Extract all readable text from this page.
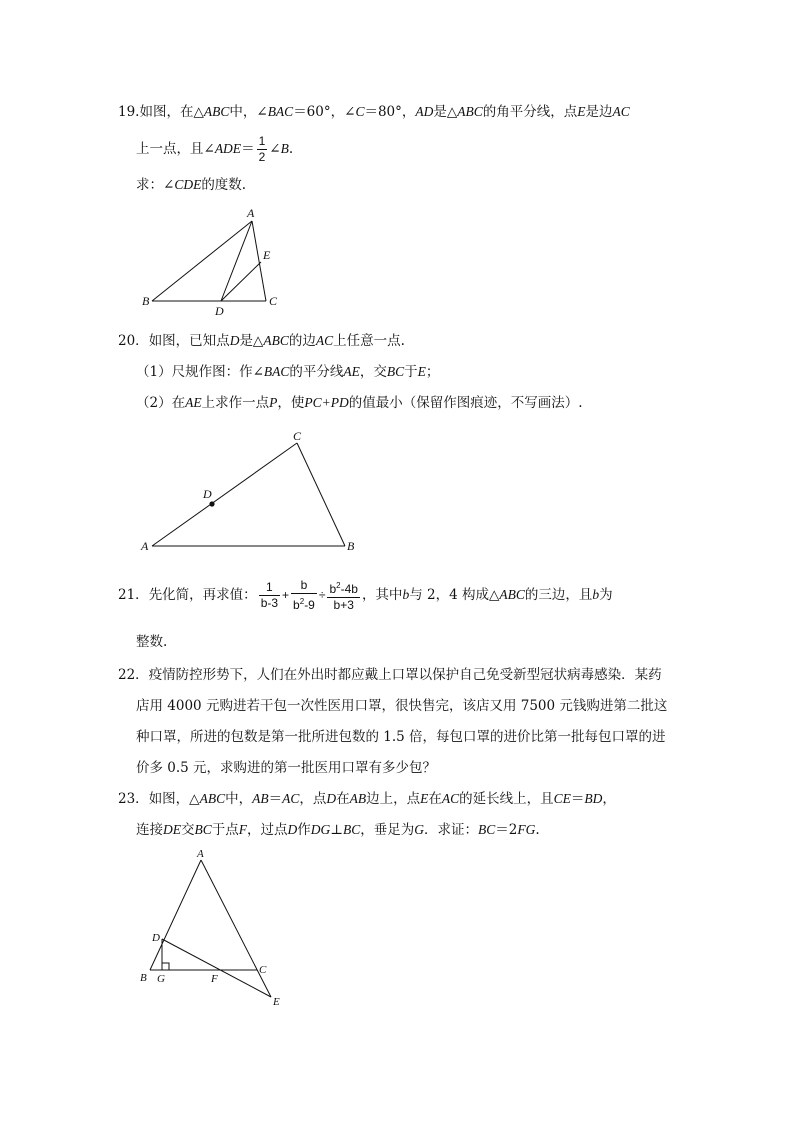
19.如图，在△ABC中，∠BAC＝60°，∠C＝80°，AD是△ABC的角平分线，点E是边AC
上一点，且∠ADE＝ $\frac{1}{2}$ ∠B.
求：∠CDE的度数.
A
B	C
D
E
20．如图，已知点D是△ABC的边AC上任意一点.
（1）尺规作图：作∠BAC的平分线AE，交BC于E；
（2）在AE上求作一点P，使PC+PD的值最小（保留作图痕迹，不写画法）.
A	B
C
D
21．先化简，再求值： $\frac{1}{b-3} + \frac{b}{b^2-9} \div \frac{b^2-4b}{b+3}$ ，其中b与 2，4 构成△ABC的三边，且b为
整数.
22．疫情防控形势下，人们在外出时都应戴上口罩以保护自己免受新型冠状病毒感染．某药
店用 4000 元购进若干包一次性医用口罩，很快售完，该店又用 7500 元钱购进第二批这
种口罩，所进的包数是第一批所进包数的 1.5 倍，每包口罩的进价比第一批每包口罩的进
价多 0.5 元，求购进的第一批医用口罩有多少包？
23．如图，△ABC中，AB＝AC，点D在AB边上，点E在AC的延长线上，且CE＝BD，
连接DE交BC于点F，过点D作DG⊥BC，垂足为G．求证：BC＝2FG.
A
B
C
D
E
F
G
